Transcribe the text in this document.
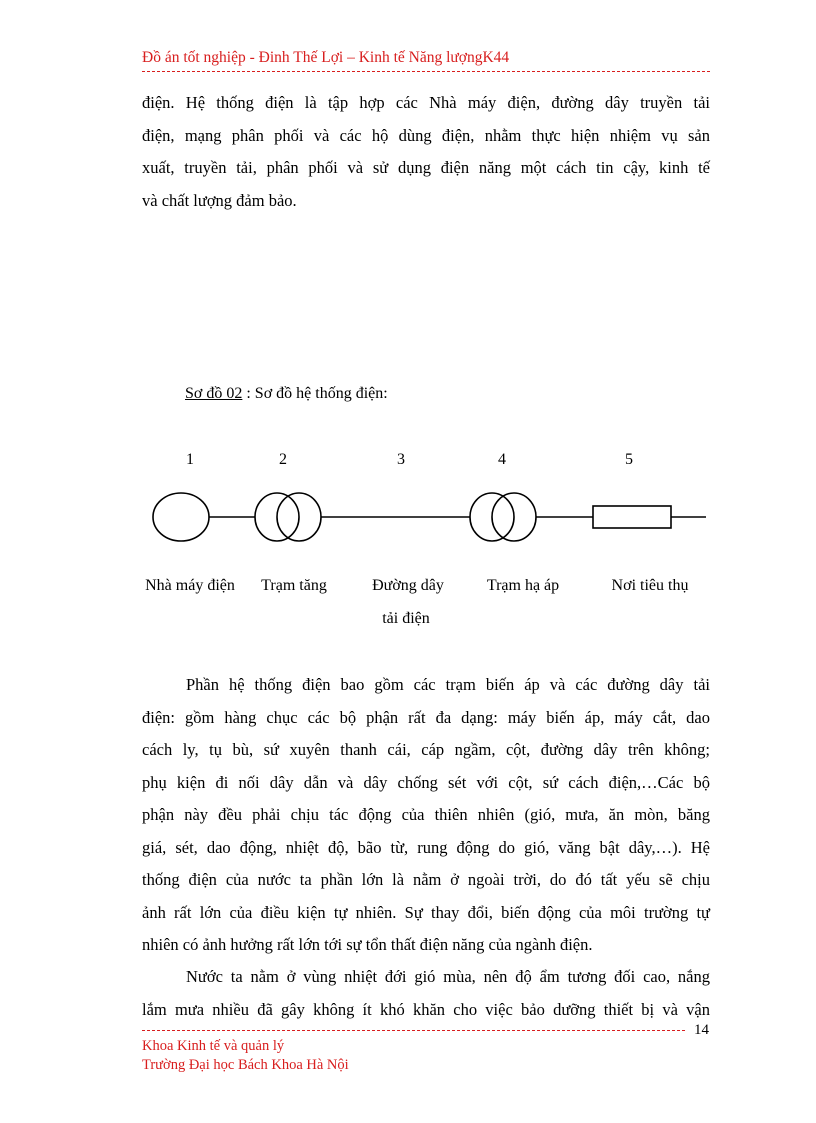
Đồ án tốt nghiệp - Đinh Thế Lợi – Kinh tế Năng lượngK44
điện. Hệ thống điện là tập hợp các Nhà máy điện, đường dây truyền tải
điện, mạng phân phối và các hộ dùng điện, nhằm thực hiện nhiệm vụ sản
xuất, truyền tải, phân phối và sử dụng điện năng một cách tin cậy, kinh tế
và chất lượng đảm bảo.
Sơ đồ 02 : Sơ đồ hệ thống điện:
1	2	3	4	5
Nhà máy điện Trạm tăng	Đường dây
tải điện
Trạm hạ áp	Nơi tiêu thụ
Phần hệ thống điện bao gồm các trạm biến áp và các đường dây tải
điện: gồm hàng chục các bộ phận rất đa dạng: máy biến áp, máy cắt, dao
cách ly, tụ bù, sứ xuyên thanh cái, cáp ngầm, cột, đường dây trên không;
phụ kiện đi nối dây dẫn và dây chống sét với cột, sứ cách điện,…Các bộ
phận này đều phải chịu tác động của thiên nhiên (gió, mưa, ăn mòn, băng
giá, sét, dao động, nhiệt độ, bão từ, rung động do gió, văng bật dây,…). Hệ
thống điện của nước ta phần lớn là nằm ở ngoài trời, do đó tất yếu sẽ chịu
ảnh rất lớn của điều kiện tự nhiên. Sự thay đổi, biến động của môi trường tự
nhiên có ảnh hưởng rất lớn tới sự tổn thất điện năng của ngành điện.
Nước ta nằm ở vùng nhiệt đới gió mùa, nên độ ẩm tương đối cao, nắng
lắm mưa nhiều đã gây không ít khó khăn cho việc bảo dưỡng thiết bị và vận
14
Khoa Kinh tế và quản lý
Trường Đại học Bách Khoa Hà Nội
